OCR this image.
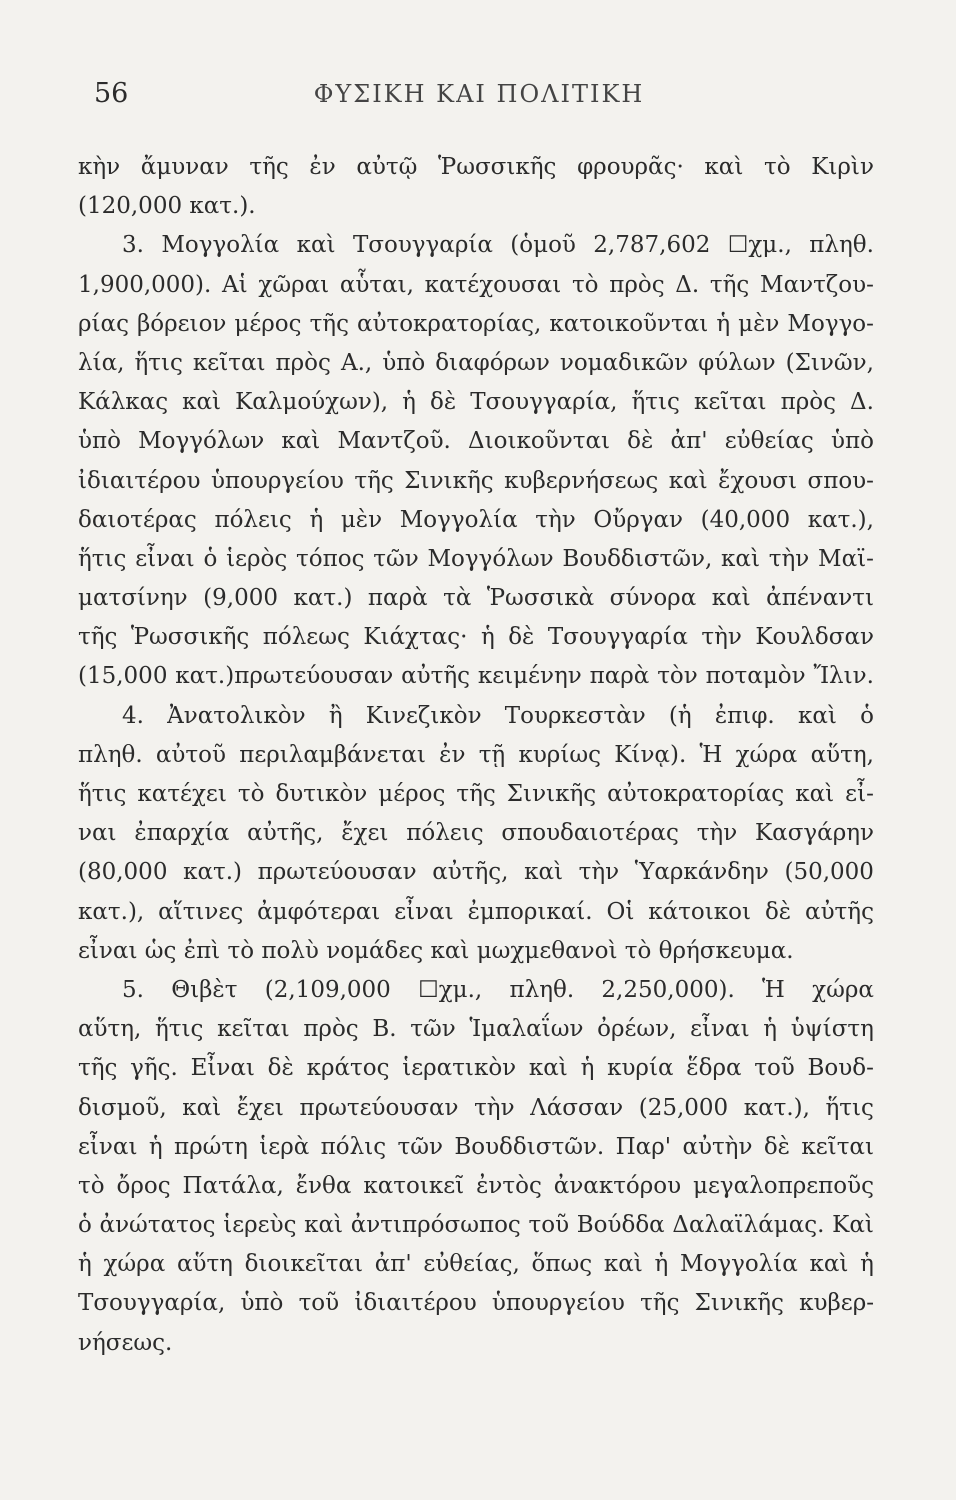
56	ΦΥΣΙΚΗ ΚΑΙ ΠΟΛΙΤΙΚΗ
κὴν ἄμυναν τῆς ἐν αὐτῷ Ῥωσσικῆς φρουρᾶς· καὶ τὸ Κιρὶν
(120,000 κατ.).
3. Μογγολία καὶ Τσουγγαρία (ὁμοῦ 2,787,602 ☐χμ., πληθ.
1,900,000). Αἱ χῶραι αὗται, κατέχουσαι τὸ πρὸς Δ. τῆς Μαντζου-
ρίας βόρειον μέρος τῆς αὐτοκρατορίας, κατοικοῦνται ἡ μὲν Μογγο-
λία, ἥτις κεῖται πρὸς Α., ὑπὸ διαφόρων νομαδικῶν φύλων (Σινῶν,
Κάλκας καὶ Καλμούχων), ἡ δὲ Τσουγγαρία, ἥτις κεῖται πρὸς Δ.
ὑπὸ Μογγόλων καὶ Μαντζοῦ. Διοικοῦνται δὲ ἀπ' εὐθείας ὑπὸ
ἰδιαιτέρου ὑπουργείου τῆς Σινικῆς κυβερνήσεως καὶ ἔχουσι σπου-
δαιοτέρας πόλεις ἡ μὲν Μογγολία τὴν Οὔργαν (40,000 κατ.),
ἥτις εἶναι ὁ ἱερὸς τόπος τῶν Μογγόλων Βουδδιστῶν, καὶ τὴν Μαϊ-
ματσίνην (9,000 κατ.) παρὰ τὰ Ῥωσσικὰ σύνορα καὶ ἀπέναντι
τῆς Ῥωσσικῆς πόλεως Κιάχτας· ἡ δὲ Τσουγγαρία τὴν Κουλδσαν
(15,000 κατ.)πρωτεύουσαν αὐτῆς κειμένην παρὰ τὸν ποταμὸν Ἴλιν.
4. Ἀνατολικὸν ἢ Κινεζικὸν Τουρκεστὰν (ἡ ἐπιφ. καὶ ὁ
πληθ. αὐτοῦ περιλαμβάνεται ἐν τῇ κυρίως Κίνᾳ). Ἡ χώρα αὕτη,
ἥτις κατέχει τὸ δυτικὸν μέρος τῆς Σινικῆς αὐτοκρατορίας καὶ εἶ-
ναι ἐπαρχία αὐτῆς, ἔχει πόλεις σπουδαιοτέρας τὴν Κασγάρην
(80,000 κατ.) πρωτεύουσαν αὐτῆς, καὶ τὴν Ὑαρκάνδην (50,000
κατ.), αἵτινες ἀμφότεραι εἶναι ἐμπορικαί. Οἱ κάτοικοι δὲ αὐτῆς
εἶναι ὡς ἐπὶ τὸ πολὺ νομάδες καὶ μωχμεθανοὶ τὸ θρήσκευμα.
5. Θιβὲτ (2,109,000 ☐χμ., πληθ. 2,250,000). Ἡ χώρα
αὕτη, ἥτις κεῖται πρὸς Β. τῶν Ἱμαλαΐων ὀρέων, εἶναι ἡ ὑψίστη
τῆς γῆς. Εἶναι δὲ κράτος ἱερατικὸν καὶ ἡ κυρία ἕδρα τοῦ Βουδ-
δισμοῦ, καὶ ἔχει πρωτεύουσαν τὴν Λάσσαν (25,000 κατ.), ἥτις
εἶναι ἡ πρώτη ἱερὰ πόλις τῶν Βουδδιστῶν. Παρ' αὐτὴν δὲ κεῖται
τὸ ὄρος Πατάλα, ἔνθα κατοικεῖ ἐντὸς ἀνακτόρου μεγαλοπρεποῦς
ὁ ἀνώτατος ἱερεὺς καὶ ἀντιπρόσωπος τοῦ Βούδδα Δαλαϊλάμας. Καὶ
ἡ χώρα αὕτη διοικεῖται ἀπ' εὐθείας, ὅπως καὶ ἡ Μογγολία καὶ ἡ
Τσουγγαρία, ὑπὸ τοῦ ἰδιαιτέρου ὑπουργείου τῆς Σινικῆς κυβερ-
νήσεως.
